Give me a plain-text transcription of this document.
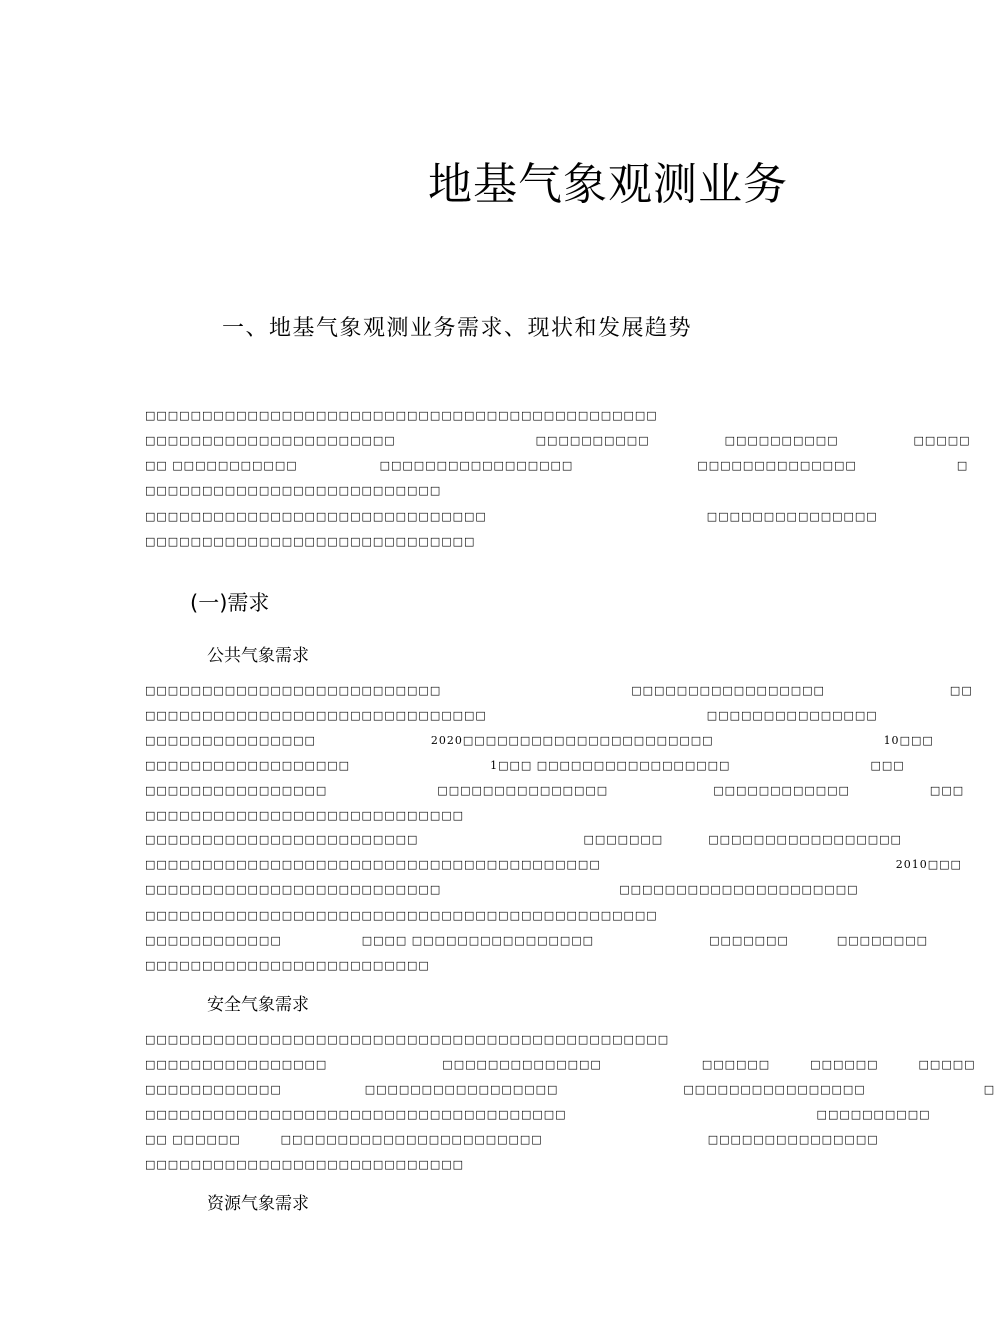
地基气象观测业务
一、地基气象观测业务需求、现状和发展趋势
□□□□□□□□□□□□□□□□□□□□□□□□□□□□□□□□□□□□□□□□□□□□□
□□□□□□□□□□□□□□□□□□□□□□	□□□□□□□□□□	□□□□□□□□□□	□□□□□
□□ □□□□□□□□□□□	□□□□□□□□□□□□□□□□□	□□□□□□□□□□□□□□	□
□□□□□□□□□□□□□□□□□□□□□□□□□□
□□□□□□□□□□□□□□□□□□□□□□□□□□□□□□	□□□□□□□□□□□□□□□
□□□□□□□□□□□□□□□□□□□□□□□□□□□□□
(一)需求
公共气象需求
□□□□□□□□□□□□□□□□□□□□□□□□□□	□□□□□□□□□□□□□□□□□	□□
□□□□□□□□□□□□□□□□□□□□□□□□□□□□□□	□□□□□□□□□□□□□□□
□□□□□□□□□□□□□□□	2020□□□□□□□□□□□□□□□□□□□□□□	10□□□
□□□□□□□□□□□□□□□□□□	1□□□ □□□□□□□□□□□□□□□□□	□□□
□□□□□□□□□□□□□□□□	□□□□□□□□□□□□□□□	□□□□□□□□□□□□	□□□
□□□□□□□□□□□□□□□□□□□□□□□□□□□□
□□□□□□□□□□□□□□□□□□□□□□□□	□□□□□□□	□□□□□□□□□□□□□□□□□
□□□□□□□□□□□□□□□□□□□□□□□□□□□□□□□□□□□□□□□□	2010□□□
□□□□□□□□□□□□□□□□□□□□□□□□□□	□□□□□□□□□□□□□□□□□□□□□
□□□□□□□□□□□□□□□□□□□□□□□□□□□□□□□□□□□□□□□□□□□□□
□□□□□□□□□□□□	□□□□ □□□□□□□□□□□□□□□□	□□□□□□□	□□□□□□□□
□□□□□□□□□□□□□□□□□□□□□□□□□
安全气象需求
□□□□□□□□□□□□□□□□□□□□□□□□□□□□□□□□□□□□□□□□□□□□□□
□□□□□□□□□□□□□□□□	□□□□□□□□□□□□□□	□□□□□□	□□□□□□	□□□□□
□□□□□□□□□□□□	□□□□□□□□□□□□□□□□□	□□□□□□□□□□□□□□□□	□
□□□□□□□□□□□□□□□□□□□□□□□□□□□□□□□□□□□□□	□□□□□□□□□□
□□ □□□□□□	□□□□□□□□□□□□□□□□□□□□□□□	□□□□□□□□□□□□□□□
□□□□□□□□□□□□□□□□□□□□□□□□□□□□
资源气象需求
